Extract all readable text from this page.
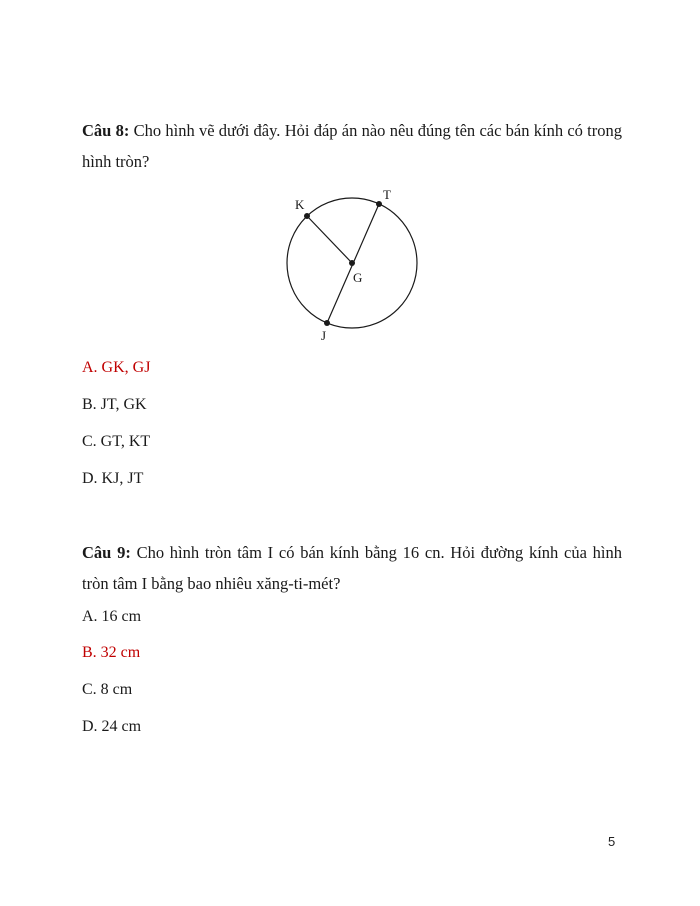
Câu 8: Cho hình vẽ dưới đây. Hỏi đáp án nào nêu đúng tên các bán kính có trong hình tròn?
K
T
G
J
A. GK, GJ
B. JT, GK
C. GT, KT
D. KJ, JT
Câu 9: Cho hình tròn tâm I có bán kính bằng 16 cn. Hỏi đường kính của hình tròn tâm I bằng bao nhiêu xăng-ti-mét?
A. 16 cm
B. 32 cm
C. 8 cm
D. 24 cm
5
